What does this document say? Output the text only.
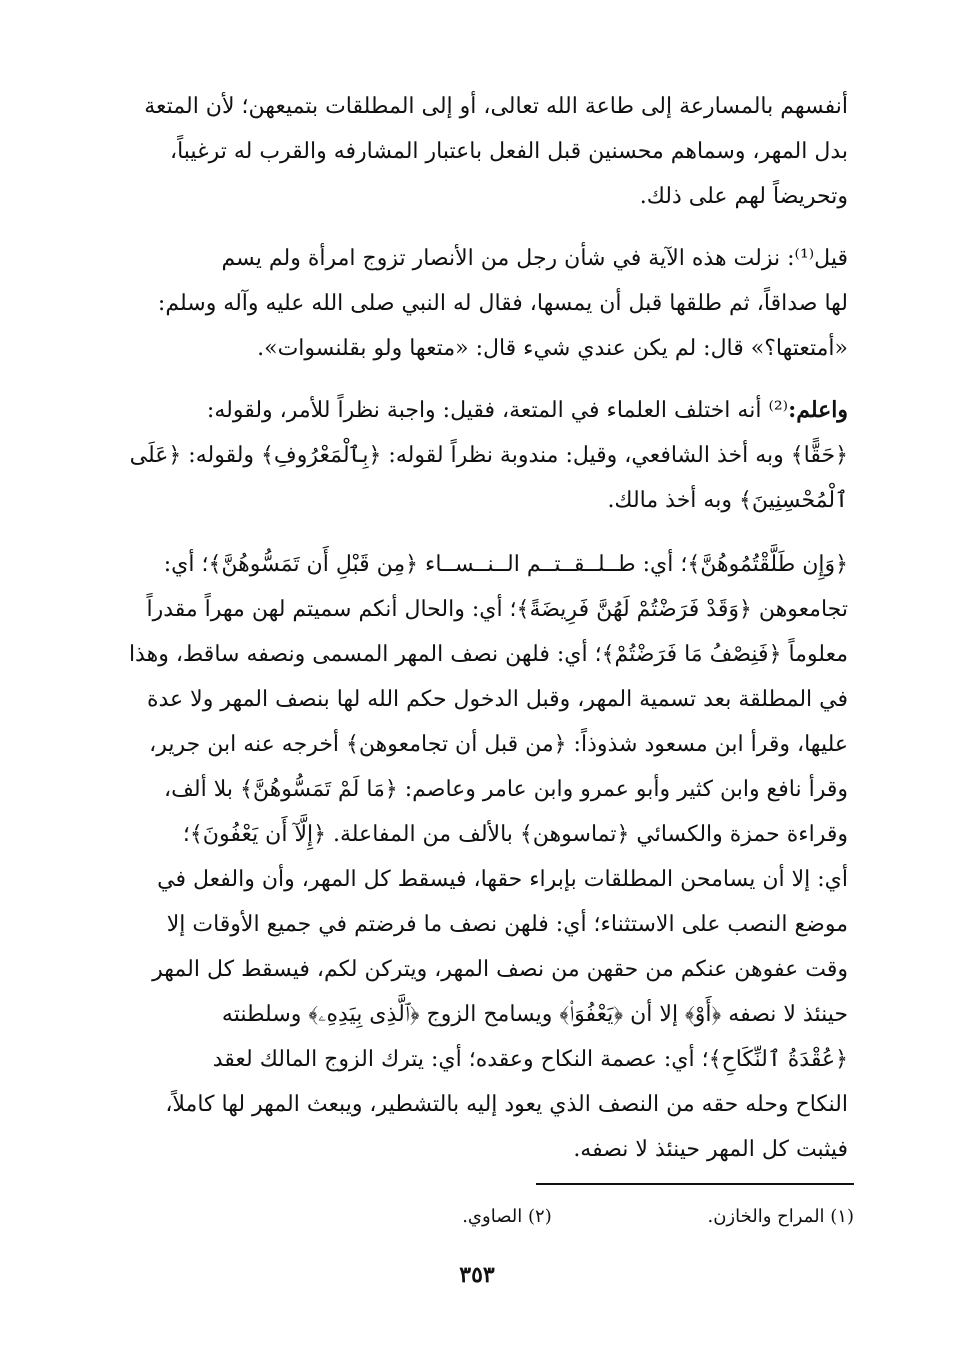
أنفسهم بالمسارعة إلى طاعة الله تعالى، أو إلى المطلقات بتميعهن؛ لأن المتعة
بدل المهر، وسماهم محسنين قبل الفعل باعتبار المشارفه والقرب له ترغيباً،
وتحريضاً لهم على ذلك.
قيل⁽¹⁾: نزلت هذه الآية في شأن رجل من الأنصار تزوج امرأة ولم يسم
لها صداقاً، ثم طلقها قبل أن يمسها، فقال له النبي صلى الله عليه وآله وسلم:
«أمتعتها؟» قال: لم يكن عندي شيء قال: «متعها ولو بقلنسوات».
واعلم:⁽²⁾ أنه اختلف العلماء في المتعة، فقيل: واجبة نظراً للأمر، ولقوله:
﴿حَقًّا﴾ وبه أخذ الشافعي، وقيل: مندوبة نظراً لقوله: ﴿بِٱلْمَعْرُوفِ﴾ ولقوله: ﴿عَلَى
ٱلْمُحْسِنِينَ﴾ وبه أخذ مالك.
﴿وَإِن طَلَّقْتُمُوهُنَّ﴾؛ أي: طــلــقــتــم الــنــســاء ﴿مِن قَبْلِ أَن تَمَسُّوهُنَّ﴾؛ أي:
تجامعوهن ﴿وَقَدْ فَرَضْتُمْ لَهُنَّ فَرِيضَةً﴾؛ أي: والحال أنكم سميتم لهن مهراً مقدراً
معلوماً ﴿فَنِصْفُ مَا فَرَضْتُمْ﴾؛ أي: فلهن نصف المهر المسمى ونصفه ساقط، وهذا
في المطلقة بعد تسمية المهر، وقبل الدخول حكم الله لها بنصف المهر ولا عدة
عليها، وقرأ ابن مسعود شذوذاً: ﴿من قبل أن تجامعوهن﴾ أخرجه عنه ابن جرير،
وقرأ نافع وابن كثير وأبو عمرو وابن عامر وعاصم: ﴿مَا لَمْ تَمَسُّوهُنَّ﴾ بلا ألف،
وقراءة حمزة والكسائي ﴿تماسوهن﴾ بالألف من المفاعلة. ﴿إِلَّآ أَن يَعْفُونَ﴾؛
أي: إلا أن يسامحن المطلقات بإبراء حقها، فيسقط كل المهر، وأن والفعل في
موضع النصب على الاستثناء؛ أي: فلهن نصف ما فرضتم في جميع الأوقات إلا
وقت عفوهن عنكم من حقهن من نصف المهر، ويتركن لكم، فيسقط كل المهر
حينئذ لا نصفه ﴿أَوْ﴾ إلا أن ﴿يَعْفُوَا۟﴾ ويسامح الزوج ﴿ٱلَّذِى بِيَدِهِۦ﴾ وسلطنته
﴿عُقْدَةُ ٱلنِّكَاحِ﴾؛ أي: عصمة النكاح وعقده؛ أي: يترك الزوج المالك لعقد
النكاح وحله حقه من النصف الذي يعود إليه بالتشطير، ويبعث المهر لها كاملاً،
فيثبت كل المهر حينئذ لا نصفه.
(١) المراح والخازن. (٢) الصاوي.
٣٥٣
